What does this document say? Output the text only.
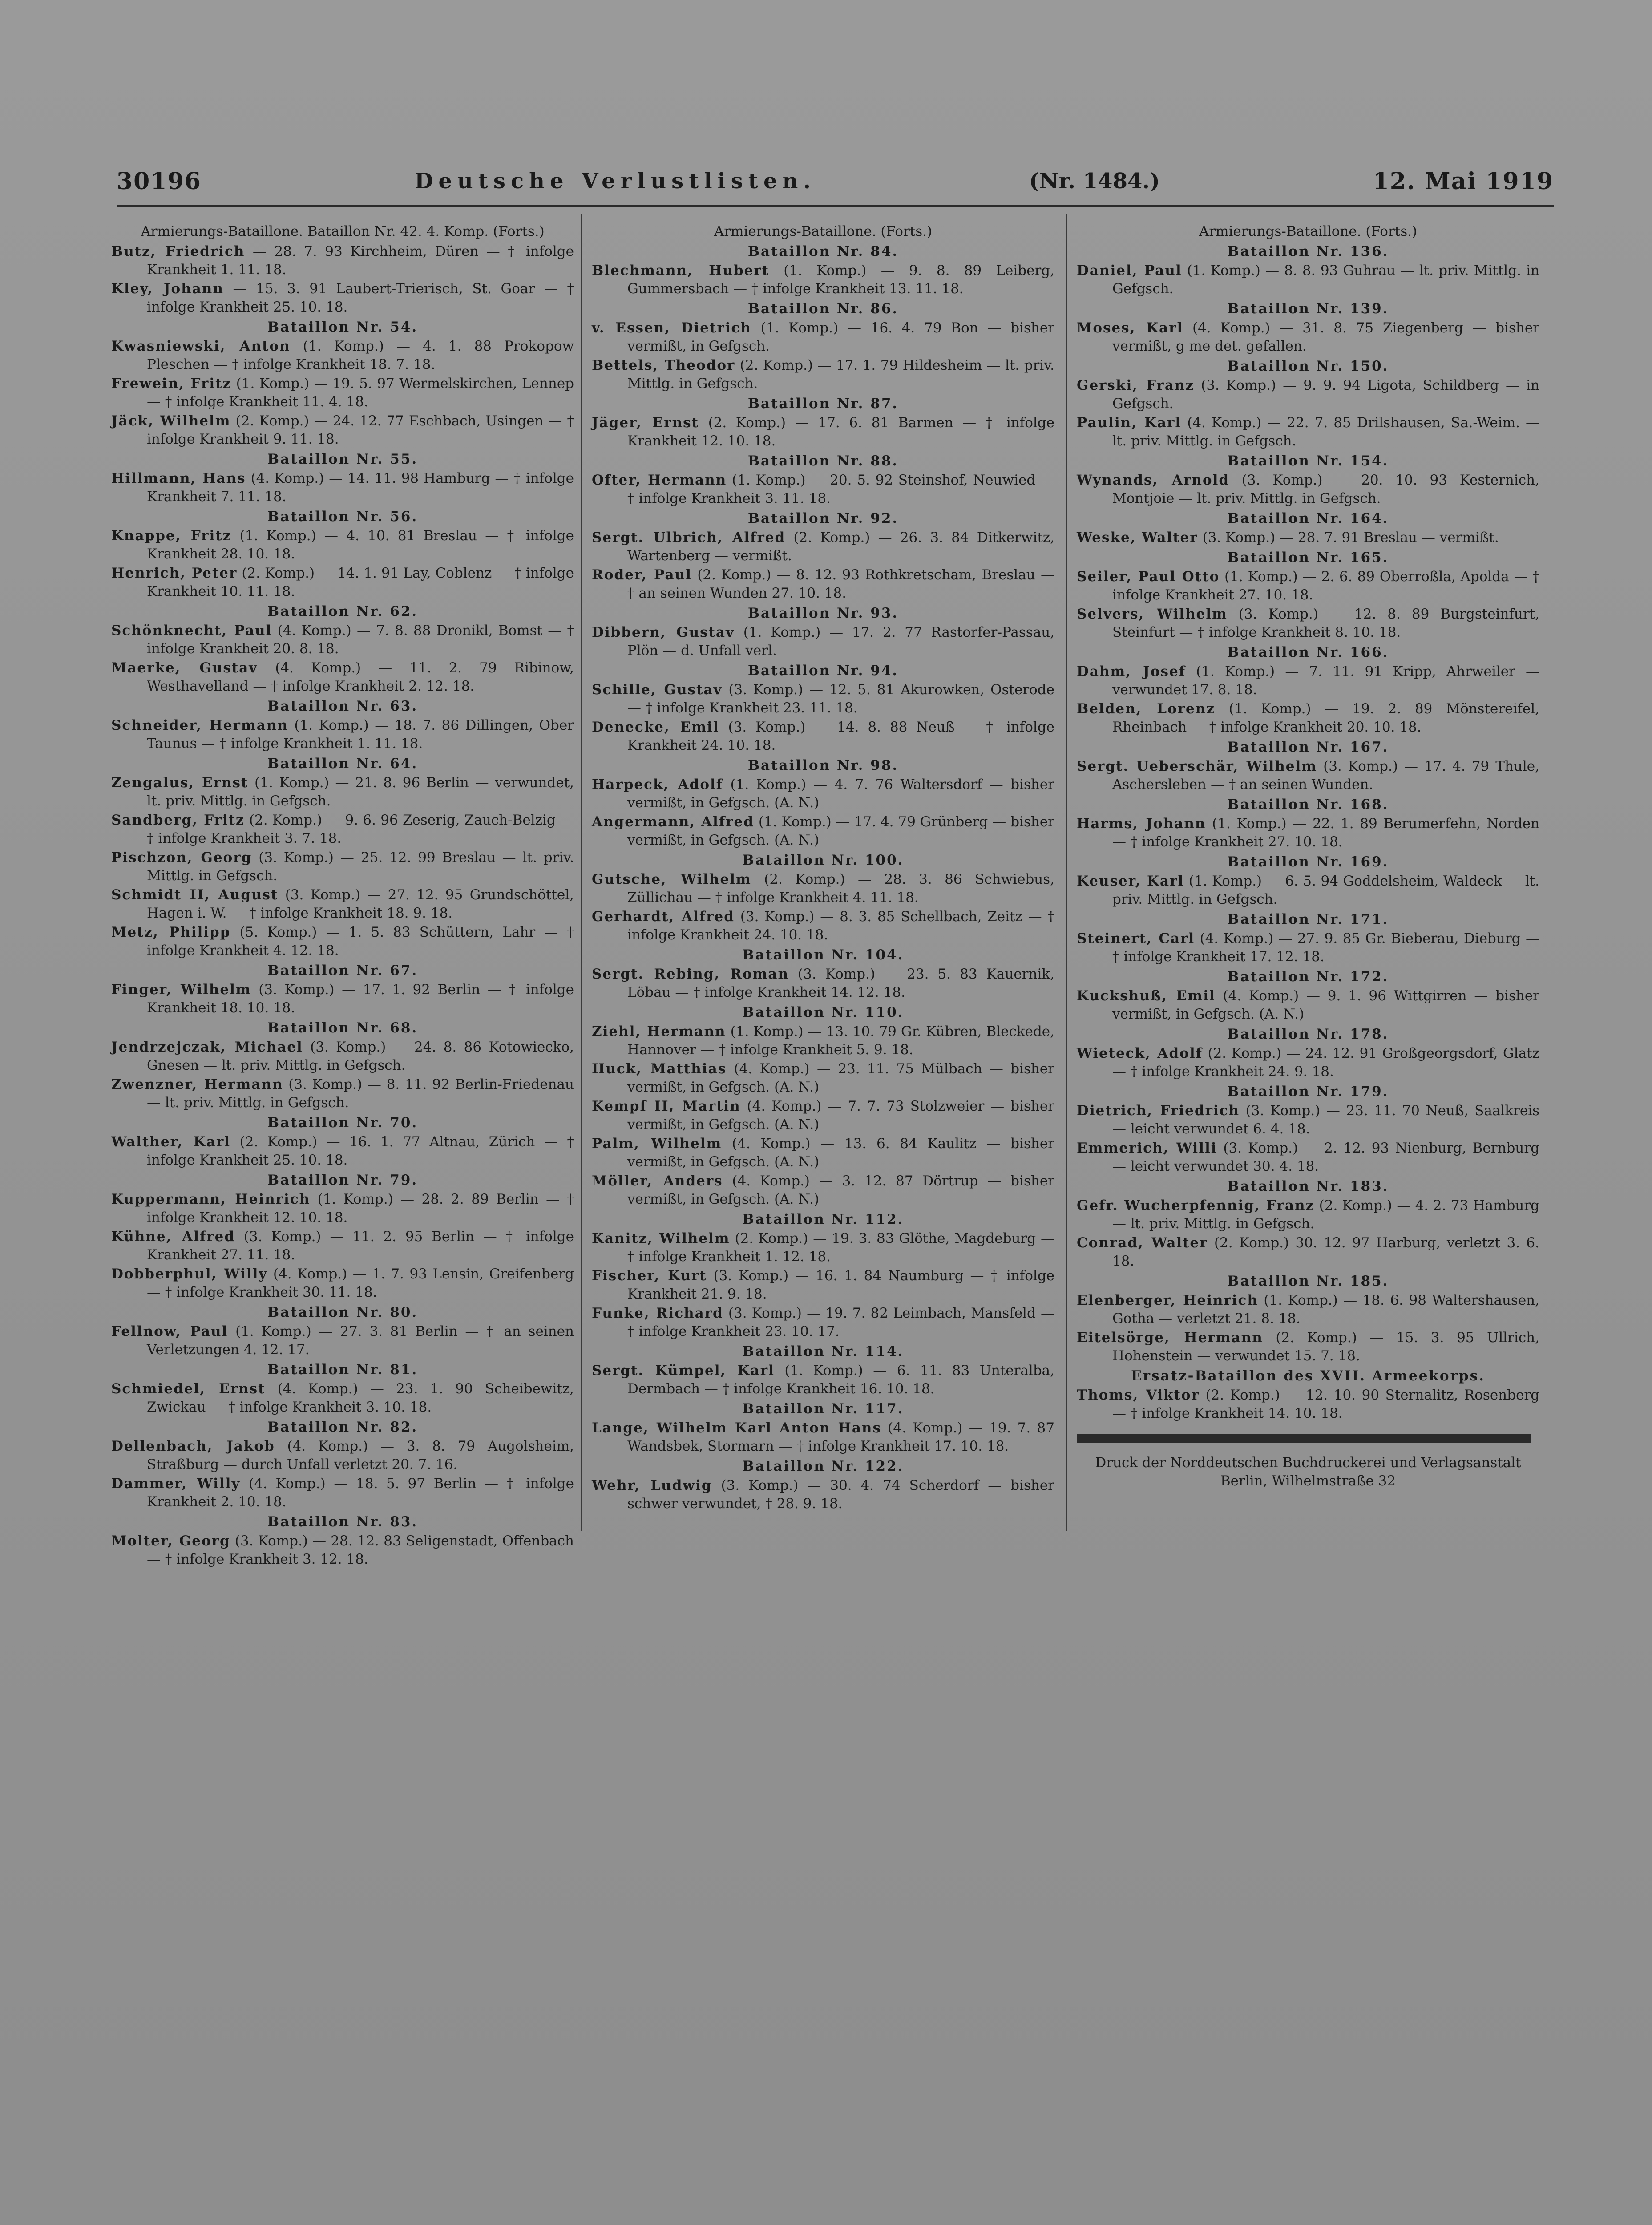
30196	Deutsche Verlustlisten.	(Nr. 1484.)	12. Mai 1919
Armierungs-Bataillone. Bataillon Nr. 42. 4. Komp. (Forts.)
Butz, Friedrich — 28. 7. 93 Kirchheim, Düren — † infolge Krankheit 1. 11. 18.
Kley, Johann — 15. 3. 91 Laubert-Trierisch, St. Goar — † infolge Krankheit 25. 10. 18.
Bataillon Nr. 54.
Kwasniewski, Anton (1. Komp.) — 4. 1. 88 Prokopow Pleschen — † infolge Krankheit 18. 7. 18.
Frewein, Fritz (1. Komp.) — 19. 5. 97 Wermelskirchen, Lennep — † infolge Krankheit 11. 4. 18.
Jäck, Wilhelm (2. Komp.) — 24. 12. 77 Eschbach, Usingen — † infolge Krankheit 9. 11. 18.
Bataillon Nr. 55.
Hillmann, Hans (4. Komp.) — 14. 11. 98 Hamburg — † infolge Krankheit 7. 11. 18.
Bataillon Nr. 56.
Knappe, Fritz (1. Komp.) — 4. 10. 81 Breslau — † infolge Krankheit 28. 10. 18.
Henrich, Peter (2. Komp.) — 14. 1. 91 Lay, Coblenz — † infolge Krankheit 10. 11. 18.
Bataillon Nr. 62.
Schönknecht, Paul (4. Komp.) — 7. 8. 88 Dronikl, Bomst — † infolge Krankheit 20. 8. 18.
Maerke, Gustav (4. Komp.) — 11. 2. 79 Ribinow, Westhavelland — † infolge Krankheit 2. 12. 18.
Bataillon Nr. 63.
Schneider, Hermann (1. Komp.) — 18. 7. 86 Dillingen, Ober Taunus — † infolge Krankheit 1. 11. 18.
Bataillon Nr. 64.
Zengalus, Ernst (1. Komp.) — 21. 8. 96 Berlin — verwundet, lt. priv. Mittlg. in Gefgsch.
Sandberg, Fritz (2. Komp.) — 9. 6. 96 Zeserig, Zauch-Belzig — † infolge Krankheit 3. 7. 18.
Pischzon, Georg (3. Komp.) — 25. 12. 99 Breslau — lt. priv. Mittlg. in Gefgsch.
Schmidt II, August (3. Komp.) — 27. 12. 95 Grundschöttel, Hagen i. W. — † infolge Krankheit 18. 9. 18.
Metz, Philipp (5. Komp.) — 1. 5. 83 Schüttern, Lahr — † infolge Krankheit 4. 12. 18.
Bataillon Nr. 67.
Finger, Wilhelm (3. Komp.) — 17. 1. 92 Berlin — † infolge Krankheit 18. 10. 18.
Bataillon Nr. 68.
Jendrzejczak, Michael (3. Komp.) — 24. 8. 86 Kotowiecko, Gnesen — lt. priv. Mittlg. in Gefgsch.
Zwenzner, Hermann (3. Komp.) — 8. 11. 92 Berlin-Friedenau — lt. priv. Mittlg. in Gefgsch.
Bataillon Nr. 70.
Walther, Karl (2. Komp.) — 16. 1. 77 Altnau, Zürich — † infolge Krankheit 25. 10. 18.
Bataillon Nr. 79.
Kuppermann, Heinrich (1. Komp.) — 28. 2. 89 Berlin — † infolge Krankheit 12. 10. 18.
Kühne, Alfred (3. Komp.) — 11. 2. 95 Berlin — † infolge Krankheit 27. 11. 18.
Dobberphul, Willy (4. Komp.) — 1. 7. 93 Lensin, Greifenberg — † infolge Krankheit 30. 11. 18.
Bataillon Nr. 80.
Fellnow, Paul (1. Komp.) — 27. 3. 81 Berlin — † an seinen Verletzungen 4. 12. 17.
Bataillon Nr. 81.
Schmiedel, Ernst (4. Komp.) — 23. 1. 90 Scheibewitz, Zwickau — † infolge Krankheit 3. 10. 18.
Bataillon Nr. 82.
Dellenbach, Jakob (4. Komp.) — 3. 8. 79 Augolsheim, Straßburg — durch Unfall verletzt 20. 7. 16.
Dammer, Willy (4. Komp.) — 18. 5. 97 Berlin — † infolge Krankheit 2. 10. 18.
Bataillon Nr. 83.
Molter, Georg (3. Komp.) — 28. 12. 83 Seligenstadt, Offenbach — † infolge Krankheit 3. 12. 18.
Armierungs-Bataillone. (Forts.)
Bataillon Nr. 84.
Blechmann, Hubert (1. Komp.) — 9. 8. 89 Leiberg, Gummersbach — † infolge Krankheit 13. 11. 18.
Bataillon Nr. 86.
v. Essen, Dietrich (1. Komp.) — 16. 4. 79 Bon — bisher vermißt, in Gefgsch.
Bettels, Theodor (2. Komp.) — 17. 1. 79 Hildesheim — lt. priv. Mittlg. in Gefgsch.
Bataillon Nr. 87.
Jäger, Ernst (2. Komp.) — 17. 6. 81 Barmen — † infolge Krankheit 12. 10. 18.
Bataillon Nr. 88.
Ofter, Hermann (1. Komp.) — 20. 5. 92 Steinshof, Neuwied — † infolge Krankheit 3. 11. 18.
Bataillon Nr. 92.
Sergt. Ulbrich, Alfred (2. Komp.) — 26. 3. 84 Ditkerwitz, Wartenberg — vermißt.
Roder, Paul (2. Komp.) — 8. 12. 93 Rothkretscham, Breslau — † an seinen Wunden 27. 10. 18.
Bataillon Nr. 93.
Dibbern, Gustav (1. Komp.) — 17. 2. 77 Rastorfer-Passau, Plön — d. Unfall verl.
Bataillon Nr. 94.
Schille, Gustav (3. Komp.) — 12. 5. 81 Akurowken, Osterode — † infolge Krankheit 23. 11. 18.
Denecke, Emil (3. Komp.) — 14. 8. 88 Neuß — † infolge Krankheit 24. 10. 18.
Bataillon Nr. 98.
Harpeck, Adolf (1. Komp.) — 4. 7. 76 Waltersdorf — bisher vermißt, in Gefgsch. (A. N.)
Angermann, Alfred (1. Komp.) — 17. 4. 79 Grünberg — bisher vermißt, in Gefgsch. (A. N.)
Bataillon Nr. 100.
Gutsche, Wilhelm (2. Komp.) — 28. 3. 86 Schwiebus, Züllichau — † infolge Krankheit 4. 11. 18.
Gerhardt, Alfred (3. Komp.) — 8. 3. 85 Schellbach, Zeitz — † infolge Krankheit 24. 10. 18.
Bataillon Nr. 104.
Sergt. Rebing, Roman (3. Komp.) — 23. 5. 83 Kauernik, Löbau — † infolge Krankheit 14. 12. 18.
Bataillon Nr. 110.
Ziehl, Hermann (1. Komp.) — 13. 10. 79 Gr. Kübren, Bleckede, Hannover — † infolge Krankheit 5. 9. 18.
Huck, Matthias (4. Komp.) — 23. 11. 75 Mülbach — bisher vermißt, in Gefgsch. (A. N.)
Kempf II, Martin (4. Komp.) — 7. 7. 73 Stolzweier — bisher vermißt, in Gefgsch. (A. N.)
Palm, Wilhelm (4. Komp.) — 13. 6. 84 Kaulitz — bisher vermißt, in Gefgsch. (A. N.)
Möller, Anders (4. Komp.) — 3. 12. 87 Dörtrup — bisher vermißt, in Gefgsch. (A. N.)
Bataillon Nr. 112.
Kanitz, Wilhelm (2. Komp.) — 19. 3. 83 Glöthe, Magdeburg — † infolge Krankheit 1. 12. 18.
Fischer, Kurt (3. Komp.) — 16. 1. 84 Naumburg — † infolge Krankheit 21. 9. 18.
Funke, Richard (3. Komp.) — 19. 7. 82 Leimbach, Mansfeld — † infolge Krankheit 23. 10. 17.
Bataillon Nr. 114.
Sergt. Kümpel, Karl (1. Komp.) — 6. 11. 83 Unteralba, Dermbach — † infolge Krankheit 16. 10. 18.
Bataillon Nr. 117.
Lange, Wilhelm Karl Anton Hans (4. Komp.) — 19. 7. 87 Wandsbek, Stormarn — † infolge Krankheit 17. 10. 18.
Bataillon Nr. 122.
Wehr, Ludwig (3. Komp.) — 30. 4. 74 Scherdorf — bisher schwer verwundet, † 28. 9. 18.
Armierungs-Bataillone. (Forts.)
Bataillon Nr. 136.
Daniel, Paul (1. Komp.) — 8. 8. 93 Guhrau — lt. priv. Mittlg. in Gefgsch.
Bataillon Nr. 139.
Moses, Karl (4. Komp.) — 31. 8. 75 Ziegenberg — bisher vermißt, g me det. gefallen.
Bataillon Nr. 150.
Gerski, Franz (3. Komp.) — 9. 9. 94 Ligota, Schildberg — in Gefgsch.
Paulin, Karl (4. Komp.) — 22. 7. 85 Drilshausen, Sa.-Weim. — lt. priv. Mittlg. in Gefgsch.
Bataillon Nr. 154.
Wynands, Arnold (3. Komp.) — 20. 10. 93 Kesternich, Montjoie — lt. priv. Mittlg. in Gefgsch.
Bataillon Nr. 164.
Weske, Walter (3. Komp.) — 28. 7. 91 Breslau — vermißt.
Bataillon Nr. 165.
Seiler, Paul Otto (1. Komp.) — 2. 6. 89 Oberroßla, Apolda — † infolge Krankheit 27. 10. 18.
Selvers, Wilhelm (3. Komp.) — 12. 8. 89 Burgsteinfurt, Steinfurt — † infolge Krankheit 8. 10. 18.
Bataillon Nr. 166.
Dahm, Josef (1. Komp.) — 7. 11. 91 Kripp, Ahrweiler — verwundet 17. 8. 18.
Belden, Lorenz (1. Komp.) — 19. 2. 89 Mönstereifel, Rheinbach — † infolge Krankheit 20. 10. 18.
Bataillon Nr. 167.
Sergt. Ueberschär, Wilhelm (3. Komp.) — 17. 4. 79 Thule, Aschersleben — † an seinen Wunden.
Bataillon Nr. 168.
Harms, Johann (1. Komp.) — 22. 1. 89 Berumerfehn, Norden — † infolge Krankheit 27. 10. 18.
Bataillon Nr. 169.
Keuser, Karl (1. Komp.) — 6. 5. 94 Goddelsheim, Waldeck — lt. priv. Mittlg. in Gefgsch.
Bataillon Nr. 171.
Steinert, Carl (4. Komp.) — 27. 9. 85 Gr. Bieberau, Dieburg — † infolge Krankheit 17. 12. 18.
Bataillon Nr. 172.
Kuckshuß, Emil (4. Komp.) — 9. 1. 96 Wittgirren — bisher vermißt, in Gefgsch. (A. N.)
Bataillon Nr. 178.
Wieteck, Adolf (2. Komp.) — 24. 12. 91 Großgeorgsdorf, Glatz — † infolge Krankheit 24. 9. 18.
Bataillon Nr. 179.
Dietrich, Friedrich (3. Komp.) — 23. 11. 70 Neuß, Saalkreis — leicht verwundet 6. 4. 18.
Emmerich, Willi (3. Komp.) — 2. 12. 93 Nienburg, Bernburg — leicht verwundet 30. 4. 18.
Bataillon Nr. 183.
Gefr. Wucherpfennig, Franz (2. Komp.) — 4. 2. 73 Hamburg — lt. priv. Mittlg. in Gefgsch.
Conrad, Walter (2. Komp.) 30. 12. 97 Harburg, verletzt 3. 6. 18.
Bataillon Nr. 185.
Elenberger, Heinrich (1. Komp.) — 18. 6. 98 Waltershausen, Gotha — verletzt 21. 8. 18.
Eitelsörge, Hermann (2. Komp.) — 15. 3. 95 Ullrich, Hohenstein — verwundet 15. 7. 18.
Ersatz-Bataillon des XVII. Armeekorps.
Thoms, Viktor (2. Komp.) — 12. 10. 90 Sternalitz, Rosenberg — † infolge Krankheit 14. 10. 18.
Druck der Norddeutschen Buchdruckerei und Verlagsanstalt
Berlin, Wilhelmstraße 32
